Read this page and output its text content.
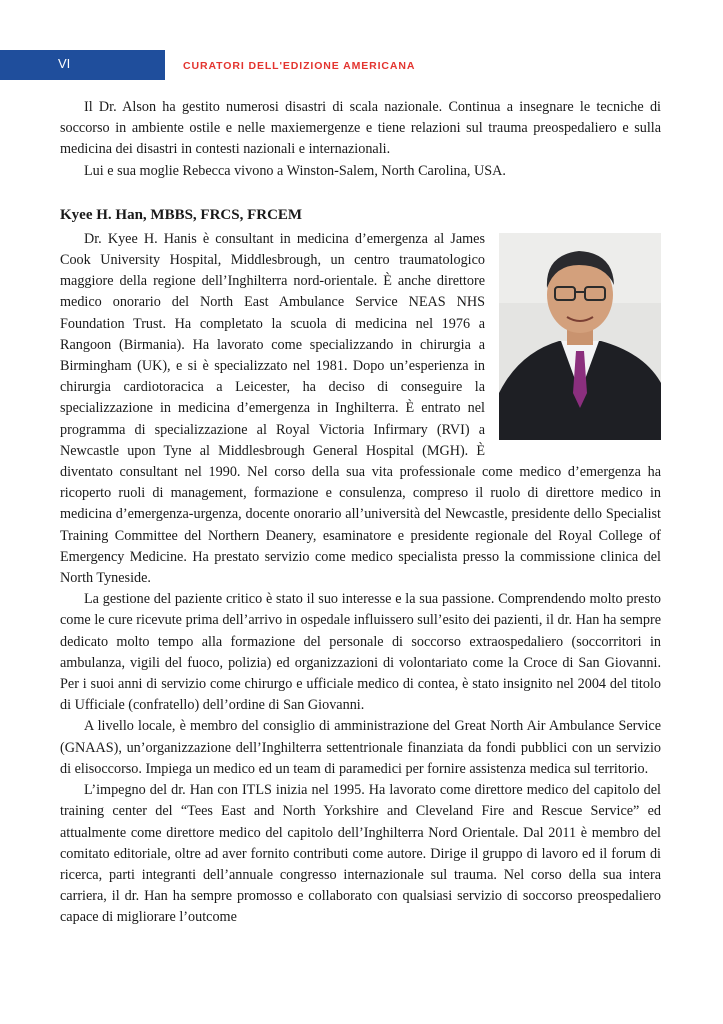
VI	CURATORI DELL'EDIZIONE AMERICANA

Il Dr. Alson ha gestito numerosi disastri di scala nazionale. Continua a insegnare le tecniche di soccorso in ambiente ostile e nelle maxiemergenze e tiene relazioni sul trauma preospedaliero e sulla medicina dei disastri in contesti nazionali e internazionali.

Lui e sua moglie Rebecca vivono a Winston-Salem, North Carolina, USA.

Kyee H. Han, MBBS, FRCS, FRCEM

Dr. Kyee H. Hanis è consultant in medicina d’emergenza al James Cook University Hospital, Middlesbrough, un centro traumatologico maggiore della regione dell’Inghilterra nord-orientale. È anche direttore medico onorario del North East Ambulance Service NEAS NHS Foundation Trust. Ha completato la scuola di medicina nel 1976 a Rangoon (Birmania). Ha lavorato come specializzando in chirurgia a Birmingham (UK), e si è specializzato nel 1981. Dopo un’esperienza in chirurgia cardiotoracica a Leicester, ha deciso di conseguire la specializzazione in medicina d’emergenza in Inghilterra. È entrato nel programma di specializzazione al Royal Victoria Infirmary (RVI) a Newcastle upon Tyne al Middlesbrough General Hospital (MGH). È diventato consultant nel 1990. Nel corso della sua vita professionale come medico d’emergenza ha ricoperto ruoli di management, formazione e consulenza, compreso il ruolo di direttore medico in medicina d’emergenza-urgenza, docente onorario all’università del Newcastle, presidente dello Specialist Training Committee del Northern Deanery, esaminatore e presidente regionale del Royal College of Emergency Medicine. Ha prestato servizio come medico specialista presso la commissione clinica del North Tyneside.

La gestione del paziente critico è stato il suo interesse e la sua passione. Comprendendo molto presto come le cure ricevute prima dell’arrivo in ospedale influissero sull’esito dei pazienti, il dr. Han ha sempre dedicato molto tempo alla formazione del personale di soccorso extraospedaliero (soccorritori in ambulanza, vigili del fuoco, polizia) ed organizzazioni di volontariato come la Croce di San Giovanni. Per i suoi anni di servizio come chirurgo e ufficiale medico di contea, è stato insignito nel 2004 del titolo di Ufficiale (confratello) dell’ordine di San Giovanni.

A livello locale, è membro del consiglio di amministrazione del Great North Air Ambulance Service (GNAAS), un’organizzazione dell’Inghilterra settentrionale finanziata da fondi pubblici con un servizio di elisoccorso. Impiega un medico ed un team di paramedici per fornire assistenza medica sul territorio.

L’impegno del dr. Han con ITLS inizia nel 1995. Ha lavorato come direttore medico del capitolo del training center del “Tees East and North Yorkshire and Cleveland Fire and Rescue Service” ed attualmente come direttore medico del capitolo dell’Inghilterra Nord Orientale. Dal 2011 è membro del comitato editoriale, oltre ad aver fornito contributi come autore. Dirige il gruppo di lavoro ed il forum di ricerca, parti integranti dell’annuale congresso internazionale sul trauma. Nel corso della sua intera carriera, il dr. Han ha sempre promosso e collaborato con qualsiasi servizio di soccorso preospedaliero capace di migliorare l’outcome
